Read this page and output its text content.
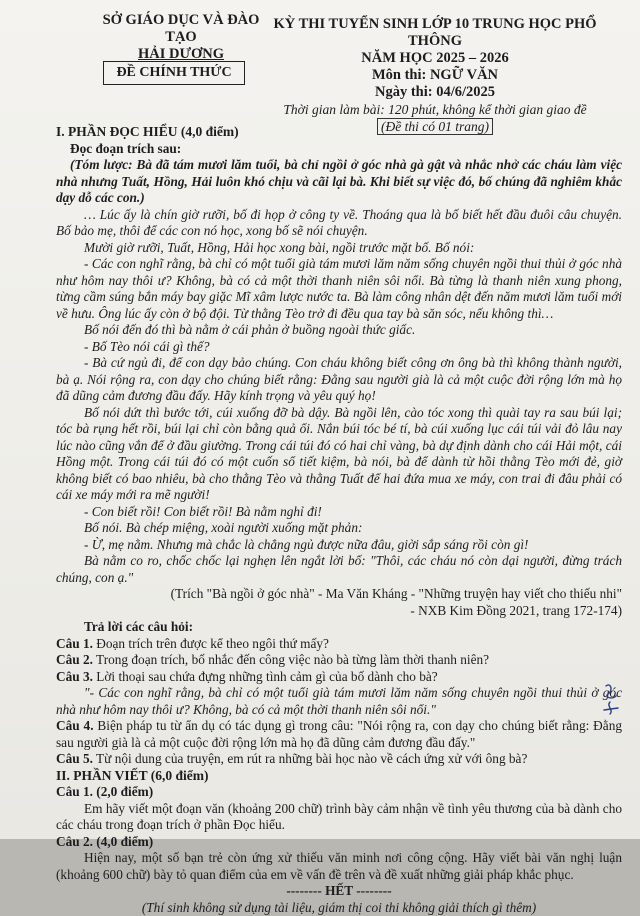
SỞ GIÁO DỤC VÀ ĐÀO TẠO
HẢI DƯƠNG
ĐỀ CHÍNH THỨC
KỲ THI TUYỂN SINH LỚP 10 TRUNG HỌC PHỔ THÔNG
NĂM HỌC 2025 – 2026
Môn thi: NGỮ VĂN
Ngày thi: 04/6/2025
Thời gian làm bài: 120 phút, không kể thời gian giao đề
(Đề thi có 01 trang)

I. PHẦN ĐỌC HIỂU (4,0 điểm)

Đọc đoạn trích sau:

(Tóm lược: Bà đã tám mươi lăm tuổi, bà chỉ ngồi ở góc nhà gà gật và nhắc nhở các cháu làm việc nhà nhưng Tuất, Hồng, Hải luôn khó chịu và cãi lại bà. Khi biết sự việc đó, bố chúng đã nghiêm khắc dạy dỗ các con.)

… Lúc ấy là chín giờ rưỡi, bố đi họp ở công ty về. Thoáng qua là bố biết hết đầu đuôi câu chuyện. Bố bảo mẹ, thôi để các con nó học, xong bố sẽ nói chuyện.

Mười giờ rưỡi, Tuất, Hồng, Hải học xong bài, ngồi trước mặt bố. Bố nói:

- Các con nghĩ rằng, bà chỉ có một tuổi già tám mươi lăm năm sống chuyên ngồi thui thủi ở góc nhà như hôm nay thôi ư? Không, bà có cả một thời thanh niên sôi nổi. Bà từng là thanh niên xung phong, từng cầm súng bắn máy bay giặc Mĩ xâm lược nước ta. Bà làm công nhân dệt đến năm mươi lăm tuổi mới về hưu. Ông lúc ấy còn ở bộ đội. Từ thằng Tèo trở đi đều qua tay bà săn sóc, nếu không thì…

Bố nói đến đó thì bà nằm ở cái phản ở buồng ngoài thức giấc.

- Bố Tèo nói cái gì thế?

- Bà cứ ngủ đi, để con dạy bảo chúng. Con cháu không biết công ơn ông bà thì không thành người, bà ạ. Nói rộng ra, con dạy cho chúng biết rằng: Đằng sau người già là cả một cuộc đời rộng lớn mà họ đã dũng cảm đương đầu đấy. Hãy kính trọng và yêu quý họ!

Bố nói dứt thì bước tới, cúi xuống đỡ bà dậy. Bà ngồi lên, cào tóc xong thì quài tay ra sau búi lại; tóc bà rụng hết rồi, búi lại chỉ còn bằng quả ổi. Nắn búi tóc bé tí, bà cúi xuống lục cái túi vải đỏ lâu nay lúc nào cũng vắn để ở đầu giường. Trong cái túi đó có hai chỉ vàng, bà dự định dành cho cái Hải một, cái Hồng một. Trong cái túi đó có một cuốn sổ tiết kiệm, bà nói, bà để dành từ hồi thằng Tèo mới đẻ, giờ không biết có bao nhiêu, bà cho thằng Tèo và thằng Tuất để hai đứa mua xe máy, con trai đi đâu phải có cái xe máy mới ra mẽ người!

- Con biết rồi! Con biết rồi! Bà nằm nghỉ đi!

Bố nói. Bà chép miệng, xoài người xuống mặt phản:

- Ừ, mẹ nằm. Nhưng mà chắc là chẳng ngủ được nữa đâu, giời sắp sáng rồi còn gì!

Bà nằm co ro, chốc chốc lại nghẹn lên ngắt lời bố: "Thôi, các cháu nó còn dại người, đừng trách chúng, con ạ."

(Trích "Bà ngồi ở góc nhà" - Ma Văn Kháng - "Những truyện hay viết cho thiếu nhi"

- NXB Kim Đồng 2021, trang 172-174)

Trả lời các câu hỏi:

Câu 1. Đoạn trích trên được kể theo ngôi thứ mấy?

Câu 2. Trong đoạn trích, bố nhắc đến công việc nào bà từng làm thời thanh niên?

Câu 3. Lời thoại sau chứa đựng những tình cảm gì của bố dành cho bà?

"- Các con nghĩ rằng, bà chỉ có một tuổi già tám mươi lăm năm sống chuyên ngồi thui thủi ở góc nhà như hôm nay thôi ư? Không, bà có cả một thời thanh niên sôi nổi."

Câu 4. Biện pháp tu từ ẩn dụ có tác dụng gì trong câu: "Nói rộng ra, con dạy cho chúng biết rằng: Đằng sau người già là cả một cuộc đời rộng lớn mà họ đã dũng cảm đương đầu đấy."

Câu 5. Từ nội dung của truyện, em rút ra những bài học nào về cách ứng xử với ông bà?

II. PHẦN VIẾT (6,0 điểm)

Câu 1. (2,0 điểm)

Em hãy viết một đoạn văn (khoảng 200 chữ) trình bày cảm nhận về tình yêu thương của bà dành cho các cháu trong đoạn trích ở phần Đọc hiểu.

Câu 2. (4,0 điểm)

Hiện nay, một số bạn trẻ còn ứng xử thiếu văn minh nơi công cộng. Hãy viết bài văn nghị luận (khoảng 600 chữ) bày tỏ quan điểm của em về vấn đề trên và đề xuất những giải pháp khắc phục.

-------- HẾT --------

(Thí sinh không sử dụng tài liệu, giám thị coi thi không giải thích gì thêm)
